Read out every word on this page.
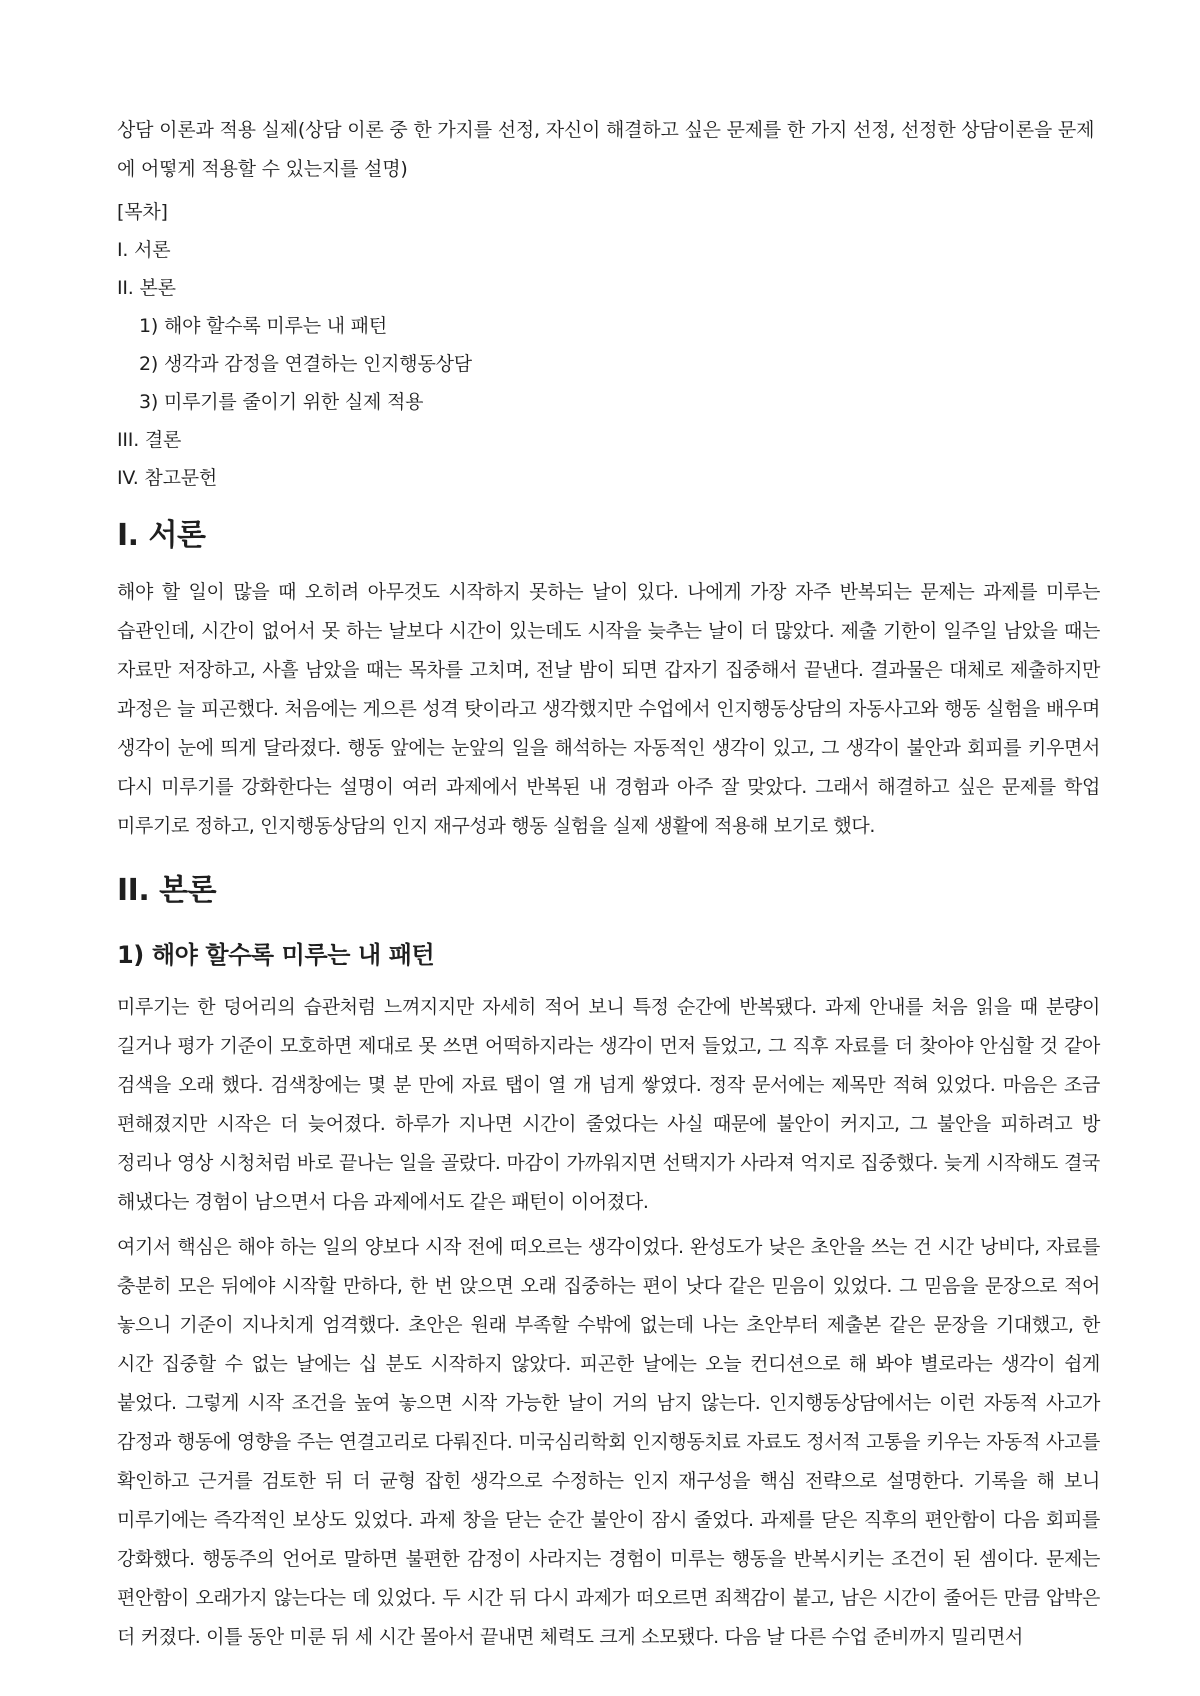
상담 이론과 적용 실제(상담 이론 중 한 가지를 선정, 자신이 해결하고 싶은 문제를 한 가지 선정, 선정한 상담이론을 문제에 어떻게 적용할 수 있는지를 설명)

[목차]
I. 서론
II. 본론
1) 해야 할수록 미루는 내 패턴
2) 생각과 감정을 연결하는 인지행동상담
3) 미루기를 줄이기 위한 실제 적용
III. 결론
IV. 참고문헌
I. 서론

해야 할 일이 많을 때 오히려 아무것도 시작하지 못하는 날이 있다. 나에게 가장 자주 반복되는 문제는 과제를 미루는 습관인데, 시간이 없어서 못 하는 날보다 시간이 있는데도 시작을 늦추는 날이 더 많았다. 제출 기한이 일주일 남았을 때는 자료만 저장하고, 사흘 남았을 때는 목차를 고치며, 전날 밤이 되면 갑자기 집중해서 끝낸다. 결과물은 대체로 제출하지만 과정은 늘 피곤했다. 처음에는 게으른 성격 탓이라고 생각했지만 수업에서 인지행동상담의 자동사고와 행동 실험을 배우며 생각이 눈에 띄게 달라졌다. 행동 앞에는 눈앞의 일을 해석하는 자동적인 생각이 있고, 그 생각이 불안과 회피를 키우면서 다시 미루기를 강화한다는 설명이 여러 과제에서 반복된 내 경험과 아주 잘 맞았다. 그래서 해결하고 싶은 문제를 학업 미루기로 정하고, 인지행동상담의 인지 재구성과 행동 실험을 실제 생활에 적용해 보기로 했다.

II. 본론
1) 해야 할수록 미루는 내 패턴

미루기는 한 덩어리의 습관처럼 느껴지지만 자세히 적어 보니 특정 순간에 반복됐다. 과제 안내를 처음 읽을 때 분량이 길거나 평가 기준이 모호하면 제대로 못 쓰면 어떡하지라는 생각이 먼저 들었고, 그 직후 자료를 더 찾아야 안심할 것 같아 검색을 오래 했다. 검색창에는 몇 분 만에 자료 탭이 열 개 넘게 쌓였다. 정작 문서에는 제목만 적혀 있었다. 마음은 조금 편해졌지만 시작은 더 늦어졌다. 하루가 지나면 시간이 줄었다는 사실 때문에 불안이 커지고, 그 불안을 피하려고 방 정리나 영상 시청처럼 바로 끝나는 일을 골랐다. 마감이 가까워지면 선택지가 사라져 억지로 집중했다. 늦게 시작해도 결국 해냈다는 경험이 남으면서 다음 과제에서도 같은 패턴이 이어졌다.

여기서 핵심은 해야 하는 일의 양보다 시작 전에 떠오르는 생각이었다. 완성도가 낮은 초안을 쓰는 건 시간 낭비다, 자료를 충분히 모은 뒤에야 시작할 만하다, 한 번 앉으면 오래 집중하는 편이 낫다 같은 믿음이 있었다. 그 믿음을 문장으로 적어 놓으니 기준이 지나치게 엄격했다. 초안은 원래 부족할 수밖에 없는데 나는 초안부터 제출본 같은 문장을 기대했고, 한 시간 집중할 수 없는 날에는 십 분도 시작하지 않았다. 피곤한 날에는 오늘 컨디션으로 해 봐야 별로라는 생각이 쉽게 붙었다. 그렇게 시작 조건을 높여 놓으면 시작 가능한 날이 거의 남지 않는다. 인지행동상담에서는 이런 자동적 사고가 감정과 행동에 영향을 주는 연결고리로 다뤄진다. 미국심리학회 인지행동치료 자료도 정서적 고통을 키우는 자동적 사고를 확인하고 근거를 검토한 뒤 더 균형 잡힌 생각으로 수정하는 인지 재구성을 핵심 전략으로 설명한다. 기록을 해 보니 미루기에는 즉각적인 보상도 있었다. 과제 창을 닫는 순간 불안이 잠시 줄었다. 과제를 닫은 직후의 편안함이 다음 회피를 강화했다. 행동주의 언어로 말하면 불편한 감정이 사라지는 경험이 미루는 행동을 반복시키는 조건이 된 셈이다. 문제는 편안함이 오래가지 않는다는 데 있었다. 두 시간 뒤 다시 과제가 떠오르면 죄책감이 붙고, 남은 시간이 줄어든 만큼 압박은 더 커졌다. 이틀 동안 미룬 뒤 세 시간 몰아서 끝내면 체력도 크게 소모됐다. 다음 날 다른 수업 준비까지 밀리면서
